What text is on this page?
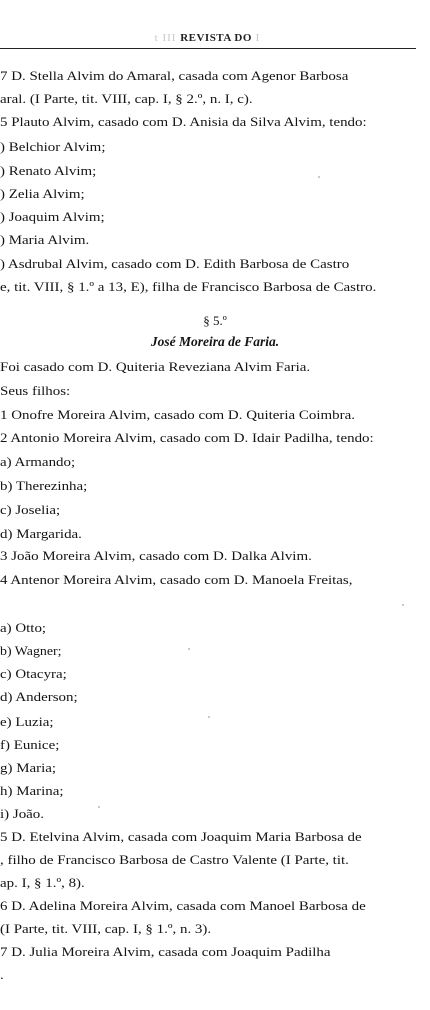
t III REVISTA DO I
7 D. Stella Alvim do Amaral, casada com Agenor Barbosa
aral. (I Parte, tit. VIII, cap. I, § 2.º, n. I, c).
5 Plauto Alvim, casado com D. Anisia da Silva Alvim, tendo:
) Belchior Alvim;
) Renato Alvim;
) Zelia Alvim;
) Joaquim Alvim;
) Maria Alvim.
) Asdrubal Alvim, casado com D. Edith Barbosa de Castro
e, tit. VIII, § 1.º a 13, E), filha de Francisco Barbosa de Castro.
§ 5.º
José Moreira de Faria.
Foi casado com D. Quiteria Reveziana Alvim Faria.
Seus filhos:
1 Onofre Moreira Alvim, casado com D. Quiteria Coimbra.
2 Antonio Moreira Alvim, casado com D. Idair Padilha, tendo:
a) Armando;
b) Therezinha;
c) Joselia;
d) Margarida.
3 João Moreira Alvim, casado com D. Dalka Alvim.
4 Antenor Moreira Alvim, casado com D. Manoela Freitas,
a) Otto;
b) Wagner;
c) Otacyra;
d) Anderson;
e) Luzia;
f) Eunice;
g) Maria;
h) Marina;
i) João.
5 D. Etelvina Alvim, casada com Joaquim Maria Barbosa de
, filho de Francisco Barbosa de Castro Valente (I Parte, tit.
ap. I, § 1.º, 8).
6 D. Adelina Moreira Alvim, casada com Manoel Barbosa de
(I Parte, tit. VIII, cap. I, § 1.º, n. 3).
7 D. Julia Moreira Alvim, casada com Joaquim Padilha
.
